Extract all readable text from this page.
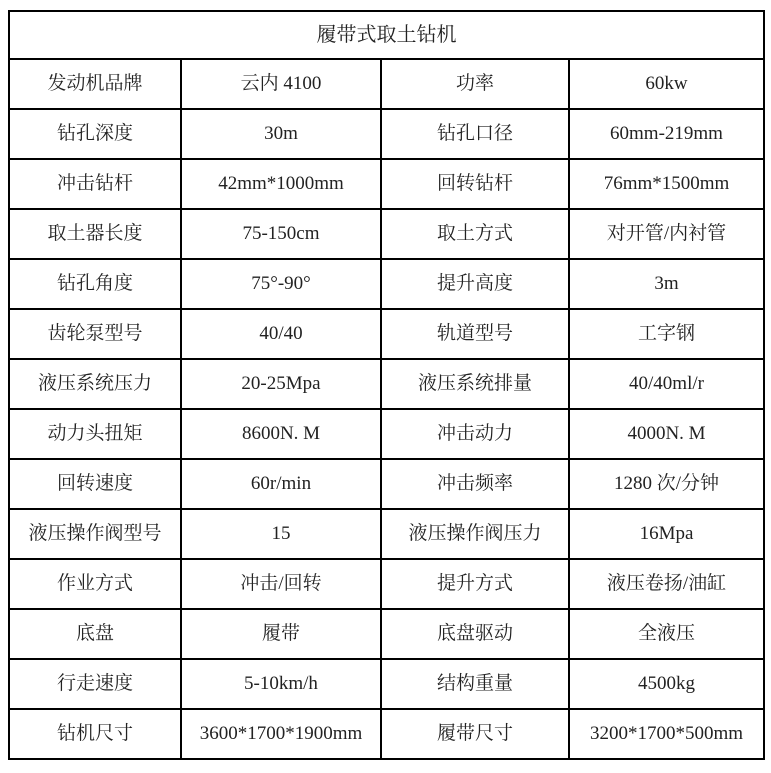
履带式取土钻机			
发动机品牌	云内 4100	功率	60kw
钻孔深度	30m	钻孔口径	60mm-219mm
冲击钻杆	42mm*1000mm	回转钻杆	76mm*1500mm
取土器长度	75-150cm	取土方式	对开管/内衬管
钻孔角度	75°-90°	提升高度	3m
齿轮泵型号	40/40	轨道型号	工字钢
液压系统压力	20-25Mpa	液压系统排量	40/40ml/r
动力头扭矩	8600N. M	冲击动力	4000N. M
回转速度	60r/min	冲击频率	1280 次/分钟
液压操作阀型号	15	液压操作阀压力	16Mpa
作业方式	冲击/回转	提升方式	液压卷扬/油缸
底盘	履带	底盘驱动	全液压
行走速度	5-10km/h	结构重量	4500kg
钻机尺寸	3600*1700*1900mm	履带尺寸	3200*1700*500mm
